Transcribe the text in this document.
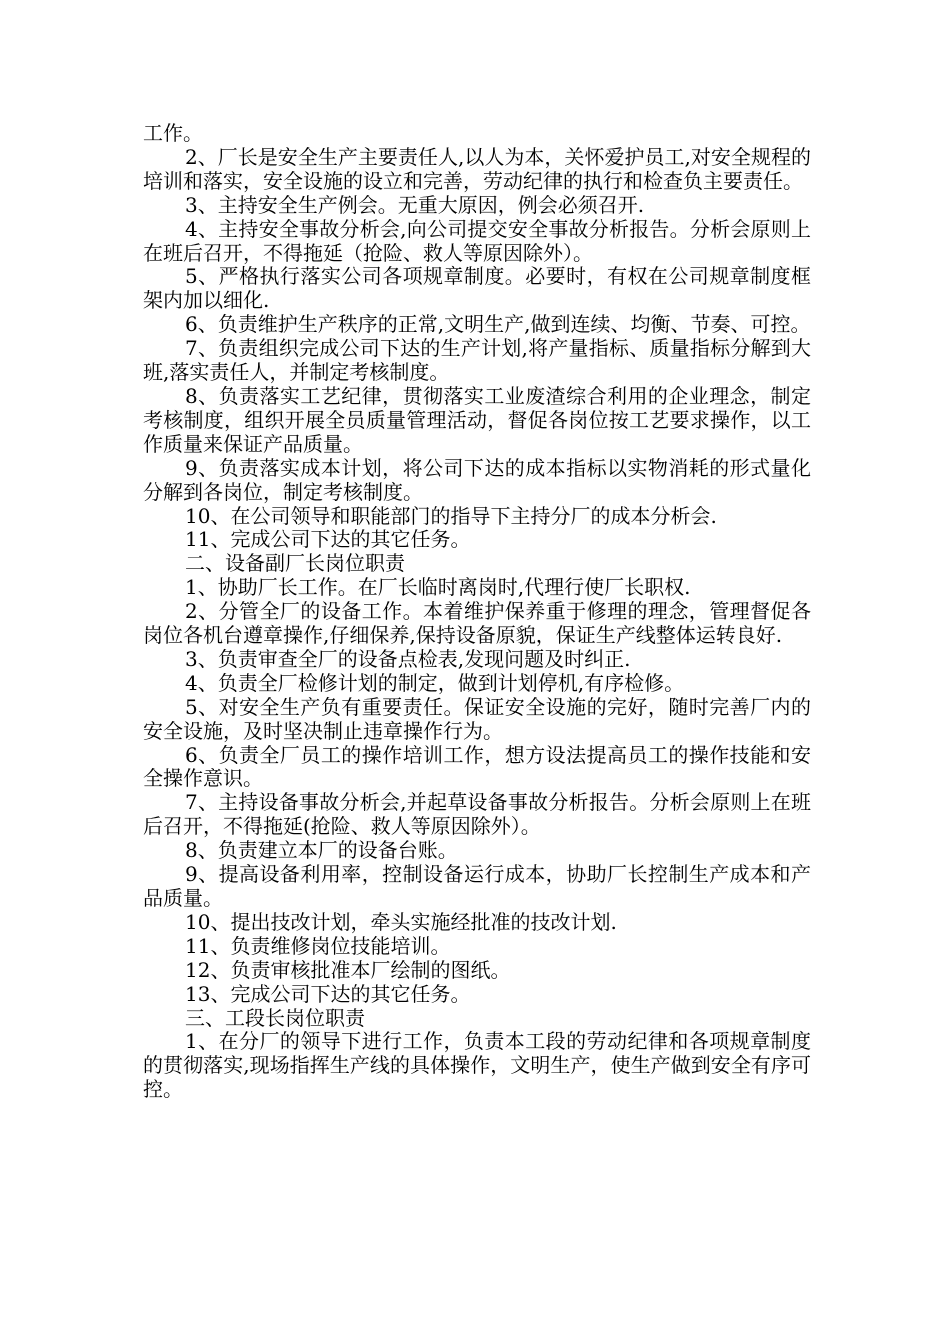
工作。

2、厂长是安全生产主要责任人,以人为本，关怀爱护员工,对安全规程的培训和落实，安全设施的设立和完善，劳动纪律的执行和检查负主要责任。

3、主持安全生产例会。无重大原因，例会必须召开.

4、主持安全事故分析会,向公司提交安全事故分析报告。分析会原则上在班后召开，不得拖延（抢险、救人等原因除外）。

5、严格执行落实公司各项规章制度。必要时，有权在公司规章制度框架内加以细化.

6、负责维护生产秩序的正常,文明生产,做到连续、均衡、节奏、可控。

7、负责组织完成公司下达的生产计划,将产量指标、质量指标分解到大班,落实责任人，并制定考核制度。

8、负责落实工艺纪律，贯彻落实工业废渣综合利用的企业理念，制定考核制度，组织开展全员质量管理活动，督促各岗位按工艺要求操作，以工作质量来保证产品质量。

9、负责落实成本计划，将公司下达的成本指标以实物消耗的形式量化分解到各岗位，制定考核制度。

10、在公司领导和职能部门的指导下主持分厂的成本分析会.

11、完成公司下达的其它任务。

二、设备副厂长岗位职责

1、协助厂长工作。在厂长临时离岗时,代理行使厂长职权.

2、分管全厂的设备工作。本着维护保养重于修理的理念，管理督促各岗位各机台遵章操作,仔细保养,保持设备原貌，保证生产线整体运转良好.

3、负责审查全厂的设备点检表,发现问题及时纠正.

4、负责全厂检修计划的制定，做到计划停机,有序检修。

5、对安全生产负有重要责任。保证安全设施的完好，随时完善厂内的安全设施，及时坚决制止违章操作行为。

6、负责全厂员工的操作培训工作，想方设法提高员工的操作技能和安全操作意识。

7、主持设备事故分析会,并起草设备事故分析报告。分析会原则上在班后召开，不得拖延(抢险、救人等原因除外）。

8、负责建立本厂的设备台账。

9、提高设备利用率，控制设备运行成本，协助厂长控制生产成本和产品质量。

10、提出技改计划，牵头实施经批准的技改计划.

11、负责维修岗位技能培训。

12、负责审核批准本厂绘制的图纸。

13、完成公司下达的其它任务。

三、工段长岗位职责

1、在分厂的领导下进行工作，负责本工段的劳动纪律和各项规章制度的贯彻落实,现场指挥生产线的具体操作，文明生产，使生产做到安全有序可控。
